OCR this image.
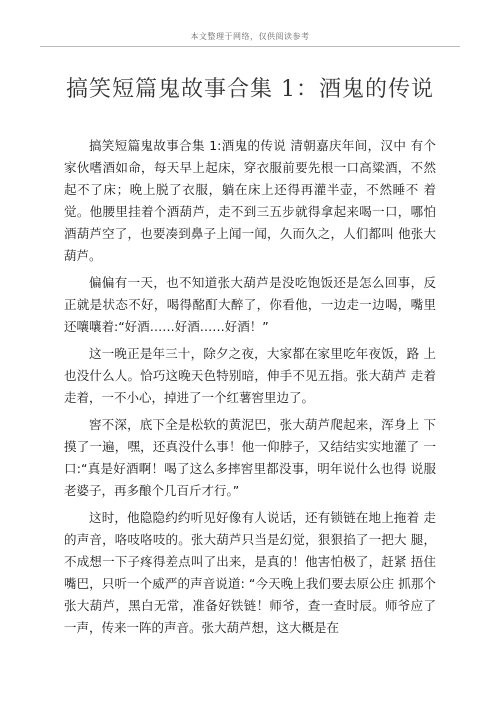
本文整理于网络，仅供阅读参考
搞笑短篇鬼故事合集 1：酒鬼的传说

搞笑短篇鬼故事合集 1:酒鬼的传说 清朝嘉庆年间，汉中 有个家伙嗜酒如命，每天早上起床，穿衣服前要先根一口高粱酒，不然起不了床；晚上脱了衣服，躺在床上还得再灌半壶，不然睡不 着觉。他腰里挂着个酒葫芦，走不到三五步就得拿起来喝一口，哪怕酒葫芦空了，也要凑到鼻子上闻一闻，久而久之，人们都叫 他张大葫芦。

偏偏有一天，也不知道张大葫芦是没吃饱饭还是怎么回事，反正就是状态不好，喝得酩酊大醉了，你看他，一边走一边喝，嘴里还嚷嚷着:“好酒……好酒……好酒！”

这一晚正是年三十，除夕之夜，大家都在家里吃年夜饭，路 上也没什么人。恰巧这晚天色特别暗，伸手不见五指。张大葫芦 走着走着，一不小心，掉进了一个红薯窖里边了。

窖不深，底下全是松软的黄泥巴，张大葫芦爬起来，浑身上 下摸了一遍，嘿，还真没什么事！他一仰脖子，又结结实实地灌了 一口:“真是好酒啊！喝了这么多摔窖里都没事，明年说什么也得 说服老婆子，再多酿个几百斤才行。”

这时，他隐隐约约听见好像有人说话，还有锁链在地上拖着 走的声音，咯吱咯吱的。张大葫芦只当是幻觉，狠狠掐了一把大 腿，不成想一下子疼得差点叫了出来，是真的！他害怕极了，赶紧 捂住嘴巴，只听一个威严的声音说道: “今天晚上我们要去原公庄 抓那个张大葫芦，黑白无常，准备好铁链！师爷，查一查时辰。师爷应了一声，传来一阵的声音。张大葫芦想，这大概是在
